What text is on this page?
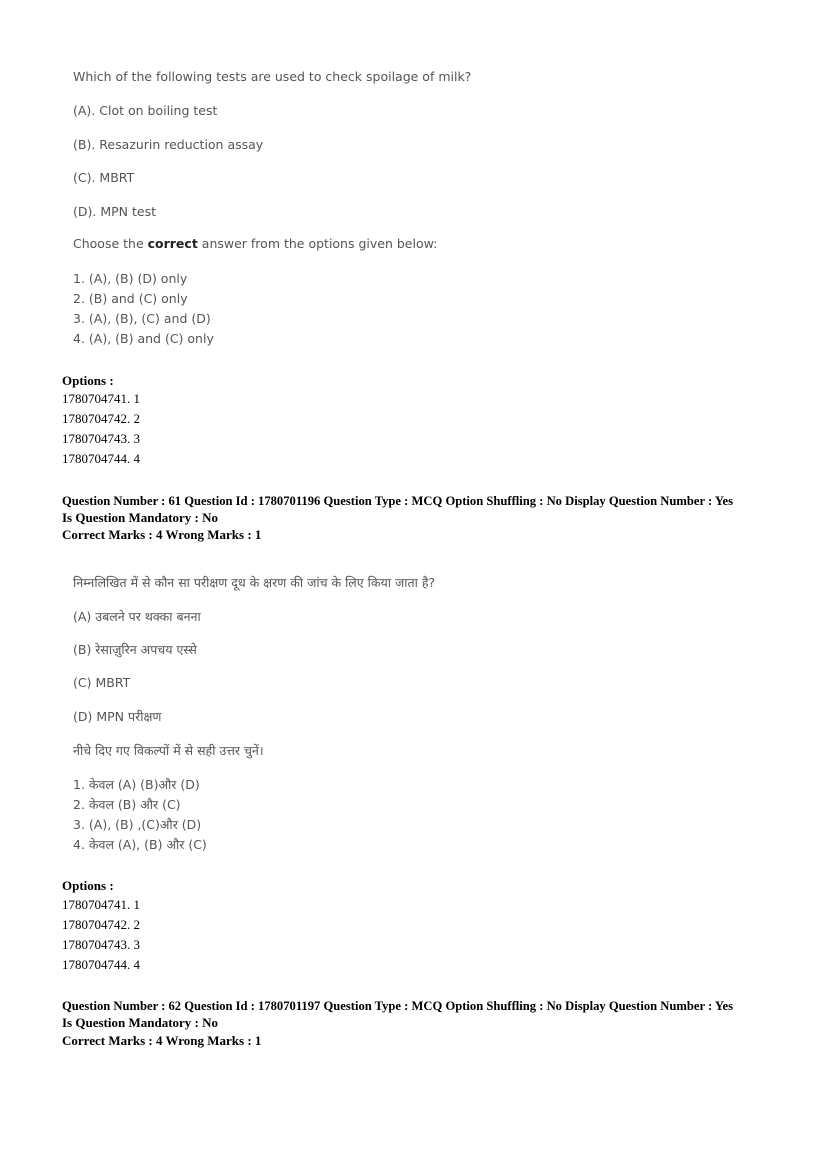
Which of the following tests are used to check spoilage of milk?
(A). Clot on boiling test
(B). Resazurin reduction assay
(C). MBRT
(D). MPN test
Choose the correct answer from the options given below:
1. (A), (B) (D) only
2. (B) and (C) only
3. (A), (B), (C) and (D)
4. (A), (B) and (C) only
Options :
1780704741. 1
1780704742. 2
1780704743. 3
1780704744. 4
Question Number : 61 Question Id : 1780701196 Question Type : MCQ Option Shuffling : No Display Question Number : Yes
Is Question Mandatory : No
Correct Marks : 4 Wrong Marks : 1
निम्नलिखित में से कौन सा परीक्षण दूध के क्षरण की जांच के लिए किया जाता है?
(A) उबलने पर थक्का बनना
(B) रेसाज़ुरिन अपचय एस्से
(C) MBRT
(D) MPN परीक्षण
नीचे दिए गए विकल्पों में से सही उत्तर चुनें।
1. केवल (A) (B)और (D)
2. केवल (B) और (C)
3. (A), (B) ,(C)और (D)
4. केवल (A), (B) और (C)
Options :
1780704741. 1
1780704742. 2
1780704743. 3
1780704744. 4
Question Number : 62 Question Id : 1780701197 Question Type : MCQ Option Shuffling : No Display Question Number : Yes
Is Question Mandatory : No
Correct Marks : 4 Wrong Marks : 1
